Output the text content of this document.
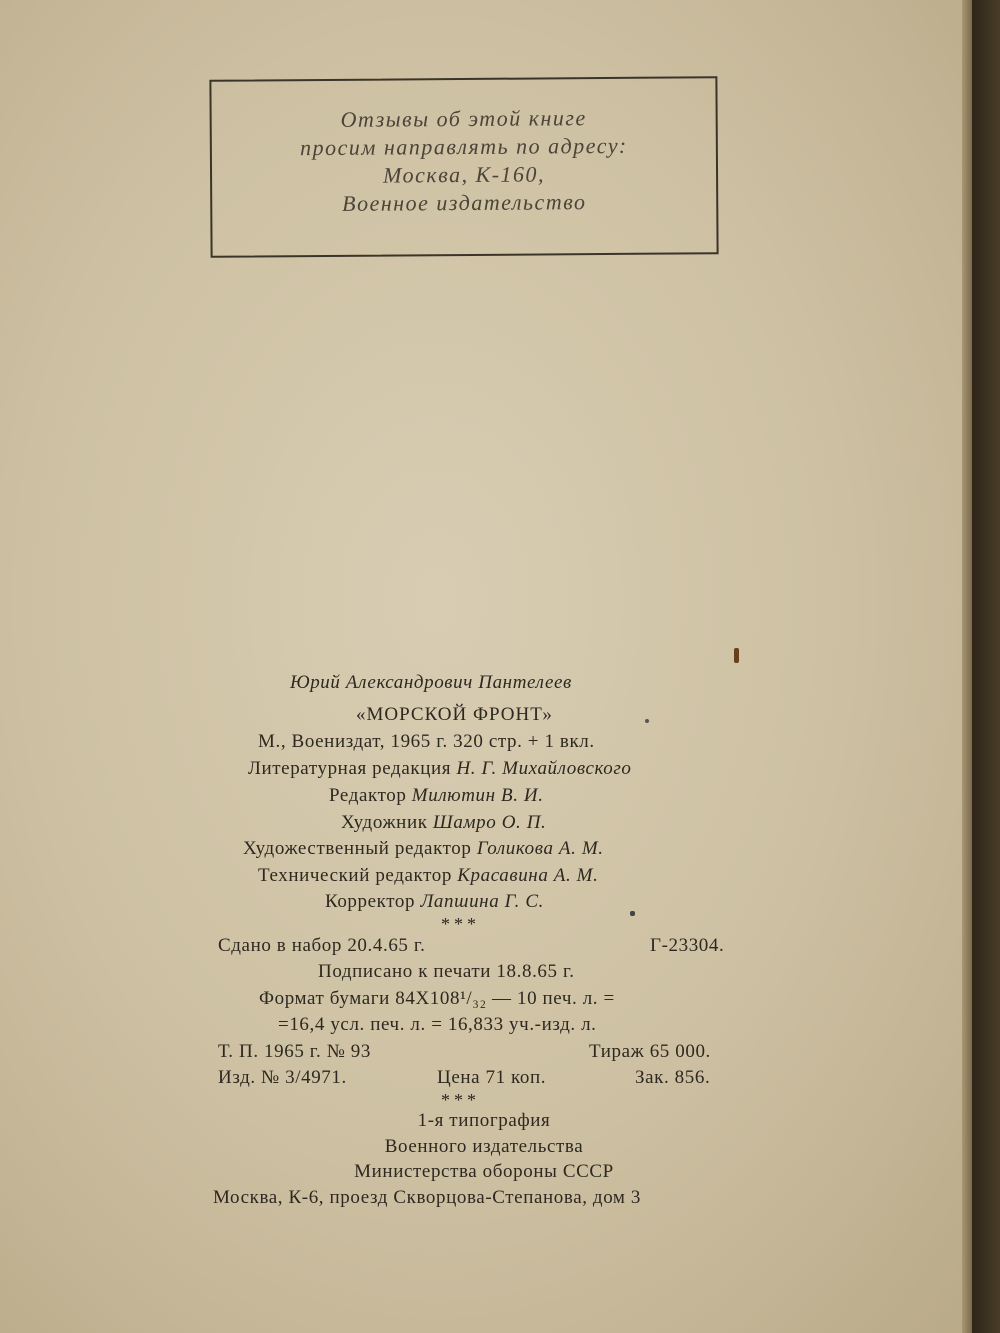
Отзывы об этой книге
просим направлять по адресу:
Москва, К-160,
Военное издательство
Юрий Александрович Пантелеев
«МОРСКОЙ ФРОНТ»
М., Воениздат, 1965 г. 320 стр. + 1 вкл.
Литературная редакция Н. Г. Михайловского
Редактор Милютин В. И.
Художник Шамро О. П.
Художественный редактор Голикова А. М.
Технический редактор Красавина А. М.
Корректор Лапшина Г. С.
***
Сдано в набор 20.4.65 г.	Г-23304.
Подписано к печати 18.8.65 г.
Формат бумаги 84Х108¹/₃₂ — 10 печ. л. =
=16,4 усл. печ. л. = 16,833 уч.-изд. л.
Т. П. 1965 г. № 93	Тираж 65 000.
Изд. № 3/4971.	Цена 71 коп.	Зак. 856.
***
1-я типография
Военного издательства
Министерства обороны СССР
Москва, К-6, проезд Скворцова-Степанова, дом 3
